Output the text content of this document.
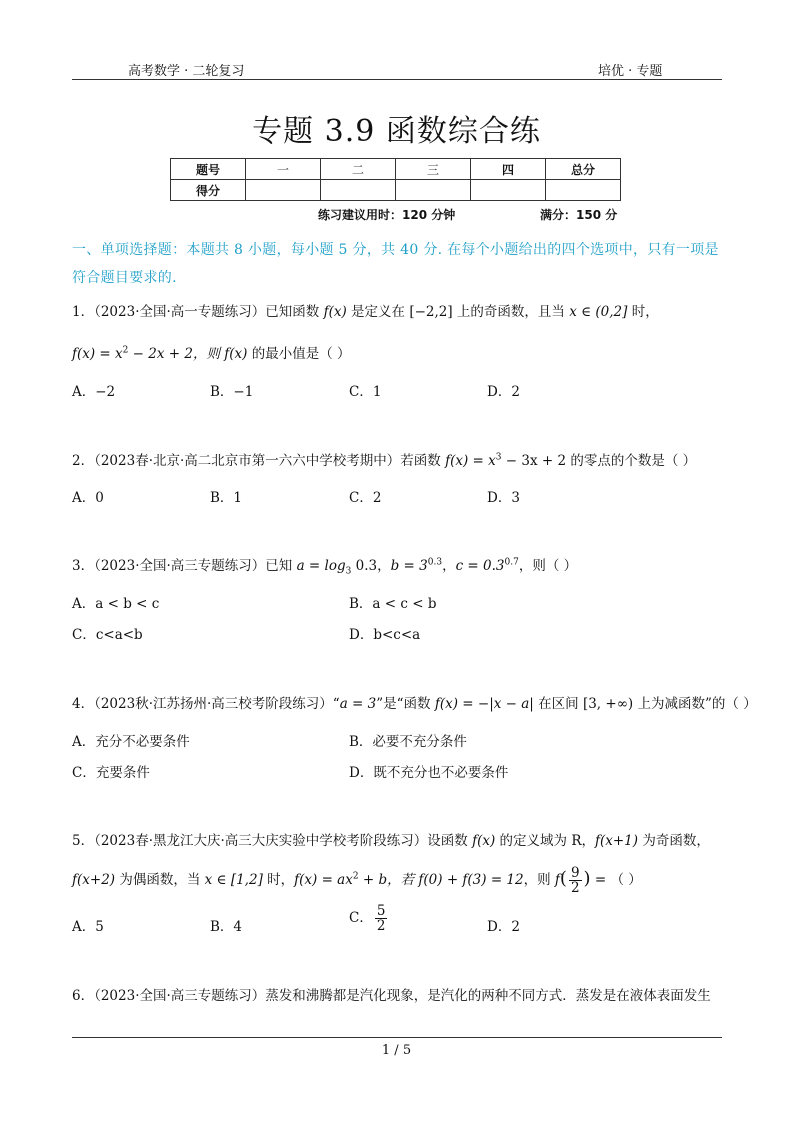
高考数学 · 二轮复习	培优 · 专题
专题 3.9 函数综合练
题号	一	二	三	四	总分
得分					
练习建议用时：120 分钟	满分：150 分
一、单项选择题：本题共 8 小题，每小题 5 分，共 40 分. 在每个小题给出的四个选项中，只有一项是符合题目要求的.
1．（2023·全国·高一专题练习）已知函数 f(x) 是定义在 [−2,2] 上的奇函数，且当 x ∈ (0,2] 时，
$f(x) = x^2 - 2x + 2$，则 f(x) 的最小值是（ ）
A．−2	B．−1	C．1	D．2
2．（2023春·北京·高二北京市第一六六中学校考期中）若函数 $f(x) = x^3 - 3x + 2$ 的零点的个数是（ ）
A．0	B．1	C．2	D．3
3．（2023·全国·高三专题练习）已知 $a = \log_3 0.3$，$b = 3^{0.3}$，$c = 0.3^{0.7}$，则（ ）
A．a < b < c	B．a < c < b
C．c<a<b	D．b<c<a
4．（2023秋·江苏扬州·高三校考阶段练习）“a = 3”是“函数 f(x) = −|x − a| 在区间 [3, +∞) 上为减函数”的（ ）
A．充分不必要条件	B．必要不充分条件
C．充要条件	D．既不充分也不必要条件
5．（2023春·黑龙江大庆·高三大庆实验中学校考阶段练习）设函数 f(x) 的定义域为 R，f(x+1) 为奇函数，
f(x+2) 为偶函数，当 x ∈ [1,2] 时，$f(x) = ax^2 + b$，若 f(0) + f(3) = 12，则 $f( \frac{9}{2}$ ) = （ ）
A．5	B．4
C． $\frac{5}{2}$	D．2
6．（2023·全国·高三专题练习）蒸发和沸腾都是汽化现象，是汽化的两种不同方式．蒸发是在液体表面发生
1 / 5
